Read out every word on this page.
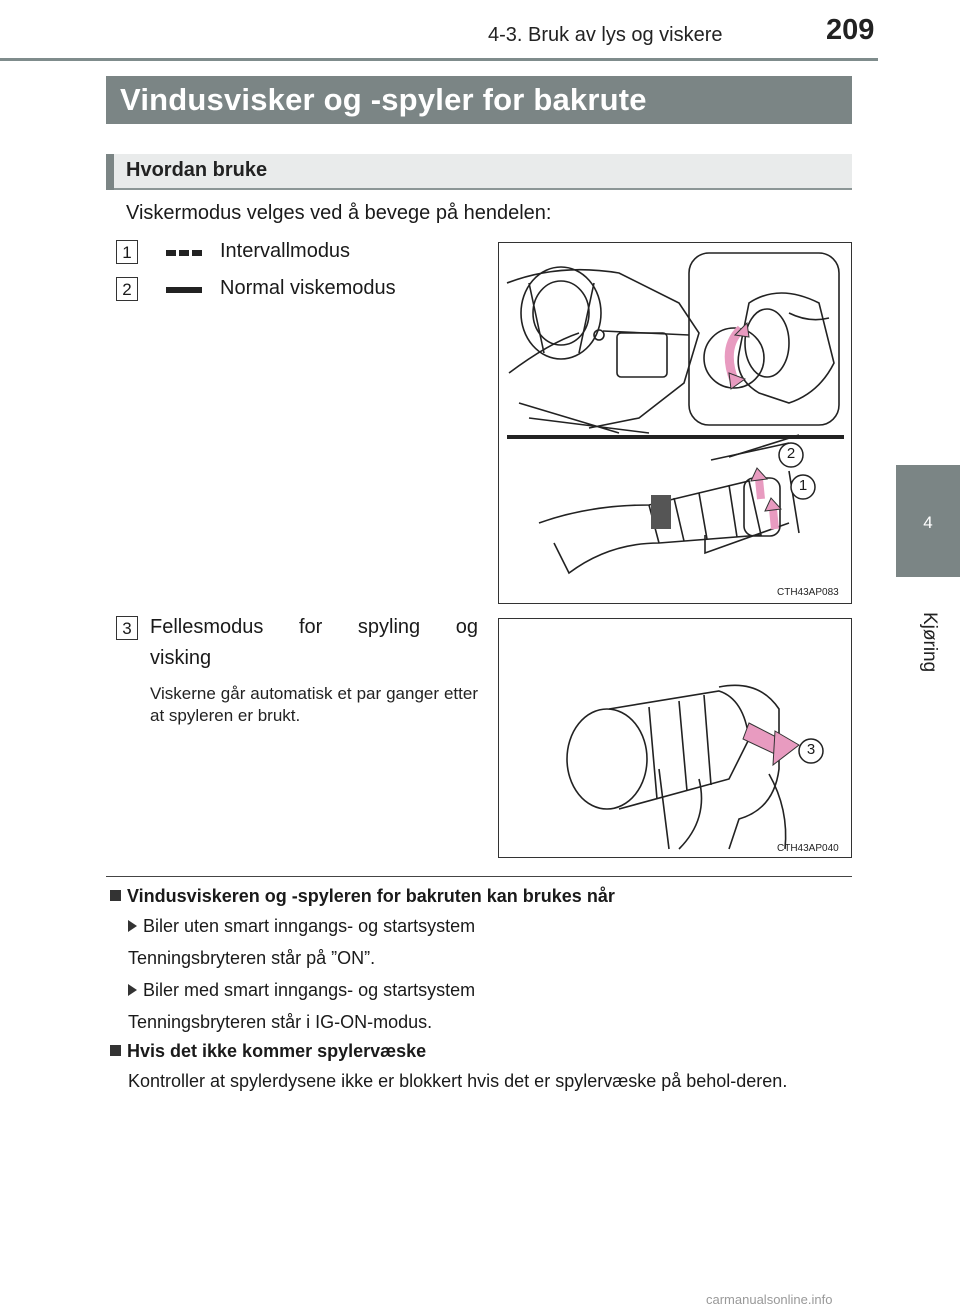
4-3. Bruk av lys og viskere	209
4
Kjøring
Vindusvisker og -spyler for bakrute
Hvordan bruke
Viskermodus velges ved å bevege på hendelen:
1	Intervallmodus
2	Normal viskemodus
2
1
CTH43AP083
3 Fellesmodus for spyling og
visking
Viskerne går automatisk et par ganger etter at spyleren er brukt.
3
CTH43AP040
Vindusviskeren og -spyleren for bakruten kan brukes når
Biler uten smart inngangs- og startsystem
Tenningsbryteren står på ”ON”.
Biler med smart inngangs- og startsystem
Tenningsbryteren står i IG-ON-modus.
Hvis det ikke kommer spylervæske
Kontroller at spylerdysene ikke er blokkert hvis det er spylervæske på behol-deren.
carmanualsonline.info
